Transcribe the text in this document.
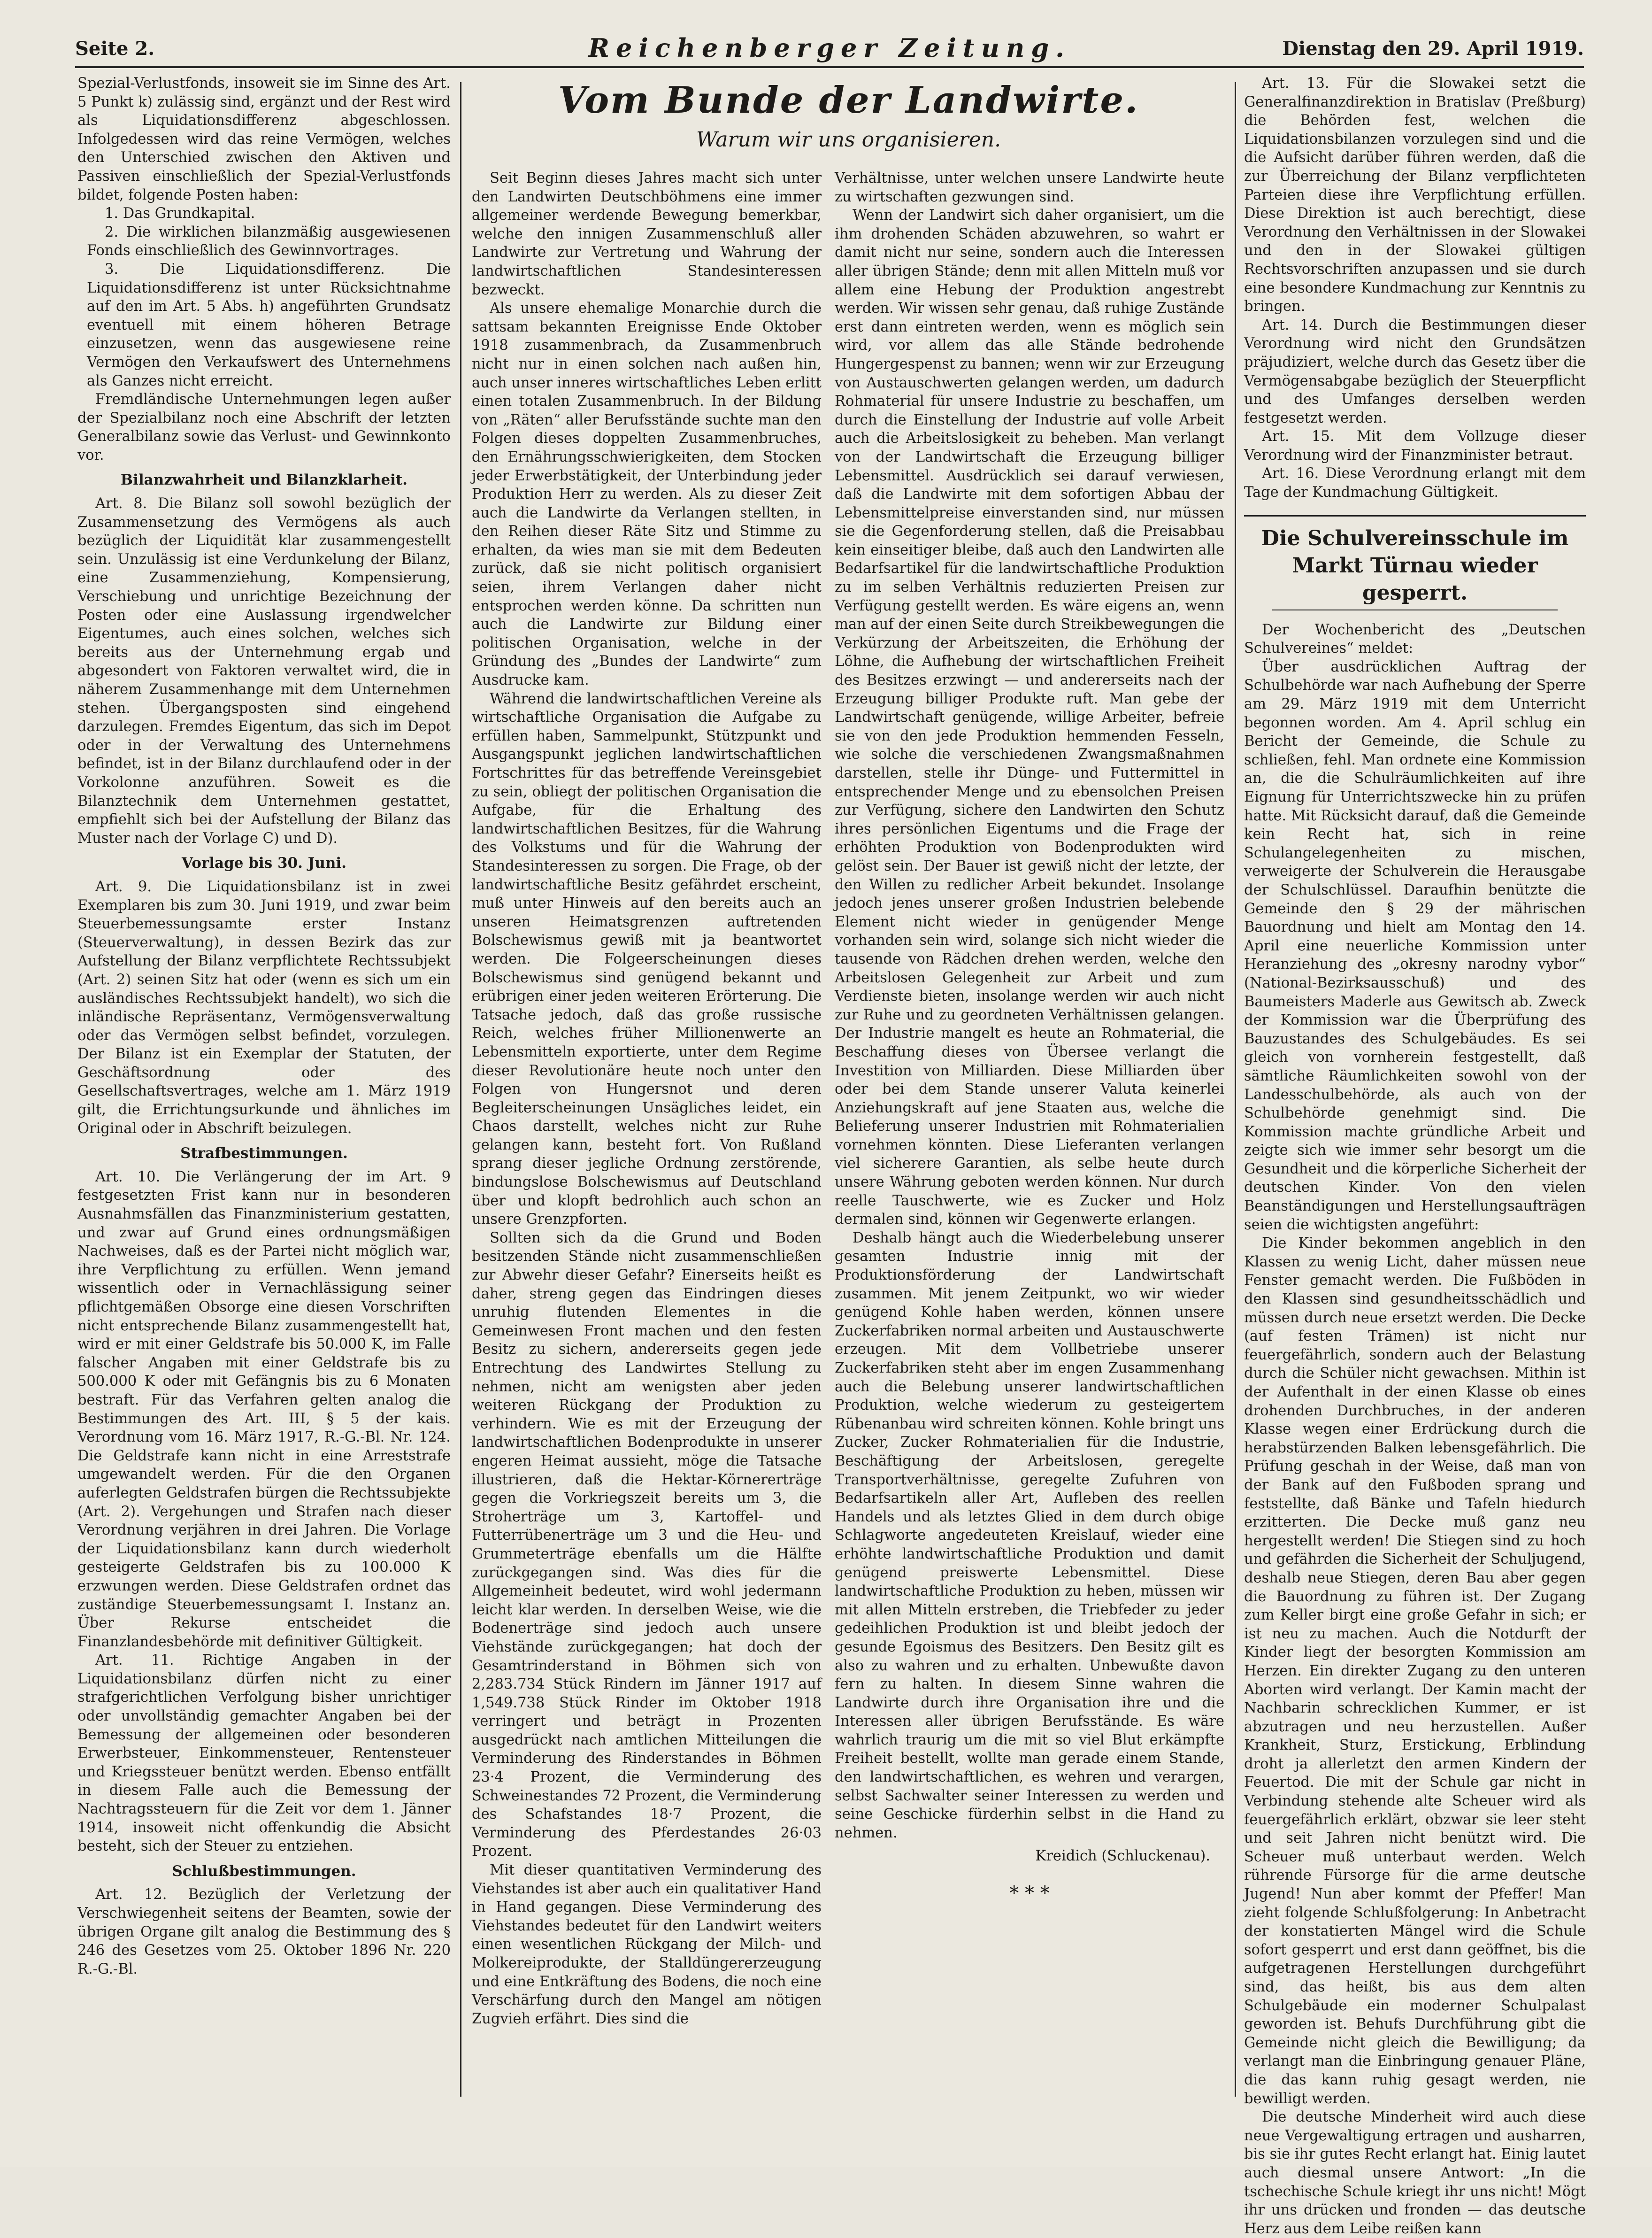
Seite 2.	Reichenberger Zeitung.	Dienstag den 29. April 1919.

Spezial-Verlustfonds, insoweit sie im Sinne des Art. 5 Punkt k) zulässig sind, ergänzt und der Rest wird als Liquidationsdifferenz abgeschlossen. Infolgedessen wird das reine Vermögen, welches den Unterschied zwischen den Aktiven und Passiven einschließlich der Spezial-Verlustfonds bildet, folgende Posten haben:

1. Das Grundkapital.

2. Die wirklichen bilanzmäßig ausgewiesenen Fonds einschließlich des Gewinnvortrages.

3. Die Liquidationsdifferenz. Die Liquidationsdifferenz ist unter Rücksichtnahme auf den im Art. 5 Abs. h) angeführten Grundsatz eventuell mit einem höheren Betrage einzusetzen, wenn das ausgewiesene reine Vermögen den Verkaufswert des Unternehmens als Ganzes nicht erreicht.

Fremdländische Unternehmungen legen außer der Spezialbilanz noch eine Abschrift der letzten Generalbilanz sowie das Verlust- und Gewinnkonto vor.

Bilanzwahrheit und Bilanzklarheit.

Art. 8. Die Bilanz soll sowohl bezüglich der Zusammensetzung des Vermögens als auch bezüglich der Liquidität klar zusammengestellt sein. Unzulässig ist eine Verdunkelung der Bilanz, eine Zusammenziehung, Kompensierung, Verschiebung und unrichtige Bezeichnung der Posten oder eine Auslassung irgendwelcher Eigentumes, auch eines solchen, welches sich bereits aus der Unternehmung ergab und abgesondert von Faktoren verwaltet wird, die in näherem Zusammenhange mit dem Unternehmen stehen. Übergangsposten sind eingehend darzulegen. Fremdes Eigentum, das sich im Depot oder in der Verwaltung des Unternehmens befindet, ist in der Bilanz durchlaufend oder in der Vorkolonne anzuführen. Soweit es die Bilanztechnik dem Unternehmen gestattet, empfiehlt sich bei der Aufstellung der Bilanz das Muster nach der Vorlage C) und D).

Vorlage bis 30. Juni.

Art. 9. Die Liquidationsbilanz ist in zwei Exemplaren bis zum 30. Juni 1919, und zwar beim Steuerbemessungsamte erster Instanz (Steuerverwaltung), in dessen Bezirk das zur Aufstellung der Bilanz verpflichtete Rechtssubjekt (Art. 2) seinen Sitz hat oder (wenn es sich um ein ausländisches Rechtssubjekt handelt), wo sich die inländische Repräsentanz, Vermögensverwaltung oder das Vermögen selbst befindet, vorzulegen. Der Bilanz ist ein Exemplar der Statuten, der Geschäftsordnung oder des Gesellschaftsvertrages, welche am 1. März 1919 gilt, die Errichtungsurkunde und ähnliches im Original oder in Abschrift beizulegen.

Strafbestimmungen.

Art. 10. Die Verlängerung der im Art. 9 festgesetzten Frist kann nur in besonderen Ausnahmsfällen das Finanzministerium gestatten, und zwar auf Grund eines ordnungsmäßigen Nachweises, daß es der Partei nicht möglich war, ihre Verpflichtung zu erfüllen. Wenn jemand wissentlich oder in Vernachlässigung seiner pflichtgemäßen Obsorge eine diesen Vorschriften nicht entsprechende Bilanz zusammengestellt hat, wird er mit einer Geldstrafe bis 50.000 K, im Falle falscher Angaben mit einer Geldstrafe bis zu 500.000 K oder mit Gefängnis bis zu 6 Monaten bestraft. Für das Verfahren gelten analog die Bestimmungen des Art. III, § 5 der kais. Verordnung vom 16. März 1917, R.-G.-Bl. Nr. 124. Die Geldstrafe kann nicht in eine Arreststrafe umgewandelt werden. Für die den Organen auferlegten Geldstrafen bürgen die Rechtssubjekte (Art. 2). Vergehungen und Strafen nach dieser Verordnung verjähren in drei Jahren. Die Vorlage der Liquidationsbilanz kann durch wiederholt gesteigerte Geldstrafen bis zu 100.000 K erzwungen werden. Diese Geldstrafen ordnet das zuständige Steuerbemessungsamt I. Instanz an. Über Rekurse entscheidet die Finanzlandesbehörde mit definitiver Gültigkeit.

Art. 11. Richtige Angaben in der Liquidationsbilanz dürfen nicht zu einer strafgerichtlichen Verfolgung bisher unrichtiger oder unvollständig gemachter Angaben bei der Bemessung der allgemeinen oder besonderen Erwerbsteuer, Einkommensteuer, Rentensteuer und Kriegssteuer benützt werden. Ebenso entfällt in diesem Falle auch die Bemessung der Nachtragssteuern für die Zeit vor dem 1. Jänner 1914, insoweit nicht offenkundig die Absicht besteht, sich der Steuer zu entziehen.

Schlußbestimmungen.

Art. 12. Bezüglich der Verletzung der Verschwiegenheit seitens der Beamten, sowie der übrigen Organe gilt analog die Bestimmung des § 246 des Gesetzes vom 25. Oktober 1896 Nr. 220 R.-G.-Bl.

Vom Bunde der Landwirte.
Warum wir uns organisieren.

Seit Beginn dieses Jahres macht sich unter den Landwirten Deutschböhmens eine immer allgemeiner werdende Bewegung bemerkbar, welche den innigen Zusammenschluß aller Landwirte zur Vertretung und Wahrung der landwirtschaftlichen Standesinteressen bezweckt.

Als unsere ehemalige Monarchie durch die sattsam bekannten Ereignisse Ende Oktober 1918 zusammenbrach, da Zusammenbruch nicht nur in einen solchen nach außen hin, auch unser inneres wirtschaftliches Leben erlitt einen totalen Zusammenbruch. In der Bildung von „Räten“ aller Berufsstände suchte man den Folgen dieses doppelten Zusammenbruches, den Ernährungsschwierigkeiten, dem Stocken jeder Erwerbstätigkeit, der Unterbindung jeder Produktion Herr zu werden. Als zu dieser Zeit auch die Landwirte da Verlangen stellten, in den Reihen dieser Räte Sitz und Stimme zu erhalten, da wies man sie mit dem Bedeuten zurück, daß sie nicht politisch organisiert seien, ihrem Verlangen daher nicht entsprochen werden könne. Da schritten nun auch die Landwirte zur Bildung einer politischen Organisation, welche in der Gründung des „Bundes der Landwirte“ zum Ausdrucke kam.

Während die landwirtschaftlichen Vereine als wirtschaftliche Organisation die Aufgabe zu erfüllen haben, Sammelpunkt, Stützpunkt und Ausgangspunkt jeglichen landwirtschaftlichen Fortschrittes für das betreffende Vereinsgebiet zu sein, obliegt der politischen Organisation die Aufgabe, für die Erhaltung des landwirtschaftlichen Besitzes, für die Wahrung des Volkstums und für die Wahrung der Standesinteressen zu sorgen. Die Frage, ob der landwirtschaftliche Besitz gefährdet erscheint, muß unter Hinweis auf den bereits auch an unseren Heimatsgrenzen auftretenden Bolschewismus gewiß mit ja beantwortet werden. Die Folgeerscheinungen dieses Bolschewismus sind genügend bekannt und erübrigen einer jeden weiteren Erörterung. Die Tatsache jedoch, daß das große russische Reich, welches früher Millionenwerte an Lebensmitteln exportierte, unter dem Regime dieser Revolutionäre heute noch unter den Folgen von Hungersnot und deren Begleiterscheinungen Unsägliches leidet, ein Chaos darstellt, welches nicht zur Ruhe gelangen kann, besteht fort. Von Rußland sprang dieser jegliche Ordnung zerstörende, bindungslose Bolschewismus auf Deutschland über und klopft bedrohlich auch schon an unsere Grenzpforten.

Sollten sich da die Grund und Boden besitzenden Stände nicht zusammenschließen zur Abwehr dieser Gefahr? Einerseits heißt es daher, streng gegen das Eindringen dieses unruhig flutenden Elementes in die Gemeinwesen Front machen und den festen Besitz zu sichern, andererseits gegen jede Entrechtung des Landwirtes Stellung zu nehmen, nicht am wenigsten aber jeden weiteren Rückgang der Produktion zu verhindern. Wie es mit der Erzeugung der landwirtschaftlichen Bodenprodukte in unserer engeren Heimat aussieht, möge die Tatsache illustrieren, daß die Hektar-Körnererträge gegen die Vorkriegszeit bereits um 3, die Stroherträge um 3, Kartoffel- und Futterrübenerträge um 3 und die Heu- und Grummeterträge ebenfalls um die Hälfte zurückgegangen sind. Was dies für die Allgemeinheit bedeutet, wird wohl jedermann leicht klar werden. In derselben Weise, wie die Bodenerträge sind jedoch auch unsere Viehstände zurückgegangen; hat doch der Gesamtrinderstand in Böhmen sich von 2,283.734 Stück Rindern im Jänner 1917 auf 1,549.738 Stück Rinder im Oktober 1918 verringert und beträgt in Prozenten ausgedrückt nach amtlichen Mitteilungen die Verminderung des Rinderstandes in Böhmen 23·4 Prozent, die Verminderung des Schweinestandes 72 Prozent, die Verminderung des Schafstandes 18·7 Prozent, die Verminderung des Pferdestandes 26·03 Prozent.

Mit dieser quantitativen Verminderung des Viehstandes ist aber auch ein qualitativer Hand in Hand gegangen. Diese Verminderung des Viehstandes bedeutet für den Landwirt weiters einen wesentlichen Rückgang der Milch- und Molkereiprodukte, der Stalldüngererzeugung und eine Entkräftung des Bodens, die noch eine Verschärfung durch den Mangel am nötigen Zugvieh erfährt. Dies sind die

Verhältnisse, unter welchen unsere Landwirte heute zu wirtschaften gezwungen sind.

Wenn der Landwirt sich daher organisiert, um die ihm drohenden Schäden abzuwehren, so wahrt er damit nicht nur seine, sondern auch die Interessen aller übrigen Stände; denn mit allen Mitteln muß vor allem eine Hebung der Produktion angestrebt werden. Wir wissen sehr genau, daß ruhige Zustände erst dann eintreten werden, wenn es möglich sein wird, vor allem das alle Stände bedrohende Hungergespenst zu bannen; wenn wir zur Erzeugung von Austauschwerten gelangen werden, um dadurch Rohmaterial für unsere Industrie zu beschaffen, um durch die Einstellung der Industrie auf volle Arbeit auch die Arbeitslosigkeit zu beheben. Man verlangt von der Landwirtschaft die Erzeugung billiger Lebensmittel. Ausdrücklich sei darauf verwiesen, daß die Landwirte mit dem sofortigen Abbau der Lebensmittelpreise einverstanden sind, nur müssen sie die Gegenforderung stellen, daß die Preisabbau kein einseitiger bleibe, daß auch den Landwirten alle Bedarfsartikel für die landwirtschaftliche Produktion zu im selben Verhältnis reduzierten Preisen zur Verfügung gestellt werden. Es wäre eigens an, wenn man auf der einen Seite durch Streikbewegungen die Verkürzung der Arbeitszeiten, die Erhöhung der Löhne, die Aufhebung der wirtschaftlichen Freiheit des Besitzes erzwingt — und andererseits nach der Erzeugung billiger Produkte ruft. Man gebe der Landwirtschaft genügende, willige Arbeiter, befreie sie von den jede Produktion hemmenden Fesseln, wie solche die verschiedenen Zwangsmaßnahmen darstellen, stelle ihr Dünge- und Futtermittel in entsprechender Menge und zu ebensolchen Preisen zur Verfügung, sichere den Landwirten den Schutz ihres persönlichen Eigentums und die Frage der erhöhten Produktion von Bodenprodukten wird gelöst sein. Der Bauer ist gewiß nicht der letzte, der den Willen zu redlicher Arbeit bekundet. Insolange jedoch jenes unserer großen Industrien belebende Element nicht wieder in genügender Menge vorhanden sein wird, solange sich nicht wieder die tausende von Rädchen drehen werden, welche den Arbeitslosen Gelegenheit zur Arbeit und zum Verdienste bieten, insolange werden wir auch nicht zur Ruhe und zu geordneten Verhältnissen gelangen. Der Industrie mangelt es heute an Rohmaterial, die Beschaffung dieses von Übersee verlangt die Investition von Milliarden. Diese Milliarden über oder bei dem Stande unserer Valuta keinerlei Anziehungskraft auf jene Staaten aus, welche die Belieferung unserer Industrien mit Rohmaterialien vornehmen könnten. Diese Lieferanten verlangen viel sicherere Garantien, als selbe heute durch unsere Währung geboten werden können. Nur durch reelle Tauschwerte, wie es Zucker und Holz dermalen sind, können wir Gegenwerte erlangen.

Deshalb hängt auch die Wiederbelebung unserer gesamten Industrie innig mit der Produktionsförderung der Landwirtschaft zusammen. Mit jenem Zeitpunkt, wo wir wieder genügend Kohle haben werden, können unsere Zuckerfabriken normal arbeiten und Austauschwerte erzeugen. Mit dem Vollbetriebe unserer Zuckerfabriken steht aber im engen Zusammenhang auch die Belebung unserer landwirtschaftlichen Produktion, welche wiederum zu gesteigertem Rübenanbau wird schreiten können. Kohle bringt uns Zucker, Zucker Rohmaterialien für die Industrie, Beschäftigung der Arbeitslosen, geregelte Transportverhältnisse, geregelte Zufuhren von Bedarfsartikeln aller Art, Aufleben des reellen Handels und als letztes Glied in dem durch obige Schlagworte angedeuteten Kreislauf, wieder eine erhöhte landwirtschaftliche Produktion und damit genügend preiswerte Lebensmittel. Diese landwirtschaftliche Produktion zu heben, müssen wir mit allen Mitteln erstreben, die Triebfeder zu jeder gedeihlichen Produktion ist und bleibt jedoch der gesunde Egoismus des Besitzers. Den Besitz gilt es also zu wahren und zu erhalten. Unbewußte davon fern zu halten. In diesem Sinne wahren die Landwirte durch ihre Organisation ihre und die Interessen aller übrigen Berufsstände. Es wäre wahrlich traurig um die mit so viel Blut erkämpfte Freiheit bestellt, wollte man gerade einem Stande, den landwirtschaftlichen, es wehren und verargen, selbst Sachwalter seiner Interessen zu werden und seine Geschicke fürderhin selbst in die Hand zu nehmen.

Kreidich (Schluckenau).
* * *

Art. 13. Für die Slowakei setzt die Generalfinanzdirektion in Bratislav (Preßburg) die Behörden fest, welchen die Liquidationsbilanzen vorzulegen sind und die die Aufsicht darüber führen werden, daß die zur Überreichung der Bilanz verpflichteten Parteien diese ihre Verpflichtung erfüllen. Diese Direktion ist auch berechtigt, diese Verordnung den Verhältnissen in der Slowakei und den in der Slowakei gültigen Rechtsvorschriften anzupassen und sie durch eine besondere Kundmachung zur Kenntnis zu bringen.

Art. 14. Durch die Bestimmungen dieser Verordnung wird nicht den Grundsätzen präjudiziert, welche durch das Gesetz über die Vermögensabgabe bezüglich der Steuerpflicht und des Umfanges derselben werden festgesetzt werden.

Art. 15. Mit dem Vollzuge dieser Verordnung wird der Finanzminister betraut.

Art. 16. Diese Verordnung erlangt mit dem Tage der Kundmachung Gültigkeit.

Die Schulvereinsschule im Markt Türnau wieder gesperrt.

Der Wochenbericht des „Deutschen Schulvereines“ meldet:

Über ausdrücklichen Auftrag der Schulbehörde war nach Aufhebung der Sperre am 29. März 1919 mit dem Unterricht begonnen worden. Am 4. April schlug ein Bericht der Gemeinde, die Schule zu schließen, fehl. Man ordnete eine Kommission an, die die Schulräumlichkeiten auf ihre Eignung für Unterrichtszwecke hin zu prüfen hatte. Mit Rücksicht darauf, daß die Gemeinde kein Recht hat, sich in reine Schulangelegenheiten zu mischen, verweigerte der Schulverein die Herausgabe der Schulschlüssel. Daraufhin benützte die Gemeinde den § 29 der mährischen Bauordnung und hielt am Montag den 14. April eine neuerliche Kommission unter Heranziehung des „okresny narodny vybor“ (National-Bezirksausschuß) und des Baumeisters Maderle aus Gewitsch ab. Zweck der Kommission war die Überprüfung des Bauzustandes des Schulgebäudes. Es sei gleich von vornherein festgestellt, daß sämtliche Räumlichkeiten sowohl von der Landesschulbehörde, als auch von der Schulbehörde genehmigt sind. Die Kommission machte gründliche Arbeit und zeigte sich wie immer sehr besorgt um die Gesundheit und die körperliche Sicherheit der deutschen Kinder. Von den vielen Beanständigungen und Herstellungsaufträgen seien die wichtigsten angeführt:

Die Kinder bekommen angeblich in den Klassen zu wenig Licht, daher müssen neue Fenster gemacht werden. Die Fußböden in den Klassen sind gesundheitsschädlich und müssen durch neue ersetzt werden. Die Decke (auf festen Trämen) ist nicht nur feuergefährlich, sondern auch der Belastung durch die Schüler nicht gewachsen. Mithin ist der Aufenthalt in der einen Klasse ob eines drohenden Durchbruches, in der anderen Klasse wegen einer Erdrückung durch die herabstürzenden Balken lebensgefährlich. Die Prüfung geschah in der Weise, daß man von der Bank auf den Fußboden sprang und feststellte, daß Bänke und Tafeln hiedurch erzitterten. Die Decke muß ganz neu hergestellt werden! Die Stiegen sind zu hoch und gefährden die Sicherheit der Schuljugend, deshalb neue Stiegen, deren Bau aber gegen die Bauordnung zu führen ist. Der Zugang zum Keller birgt eine große Gefahr in sich; er ist neu zu machen. Auch die Notdurft der Kinder liegt der besorgten Kommission am Herzen. Ein direkter Zugang zu den unteren Aborten wird verlangt. Der Kamin macht der Nachbarin schrecklichen Kummer, er ist abzutragen und neu herzustellen. Außer Krankheit, Sturz, Erstickung, Erblindung droht ja allerletzt den armen Kindern der Feuertod. Die mit der Schule gar nicht in Verbindung stehende alte Scheuer wird als feuergefährlich erklärt, obzwar sie leer steht und seit Jahren nicht benützt wird. Die Scheuer muß unterbaut werden. Welch rührende Fürsorge für die arme deutsche Jugend! Nun aber kommt der Pfeffer! Man zieht folgende Schlußfolgerung: In Anbetracht der konstatierten Mängel wird die Schule sofort gesperrt und erst dann geöffnet, bis die aufgetragenen Herstellungen durchgeführt sind, das heißt, bis aus dem alten Schulgebäude ein moderner Schulpalast geworden ist. Behufs Durchführung gibt die Gemeinde nicht gleich die Bewilligung; da verlangt man die Einbringung genauer Pläne, die das kann ruhig gesagt werden, nie bewilligt werden.

Die deutsche Minderheit wird auch diese neue Vergewaltigung ertragen und ausharren, bis sie ihr gutes Recht erlangt hat. Einig lautet auch diesmal unsere Antwort: „In die tschechische Schule kriegt ihr uns nicht! Mögt ihr uns drücken und fronden — das deutsche Herz aus dem Leibe reißen kann
